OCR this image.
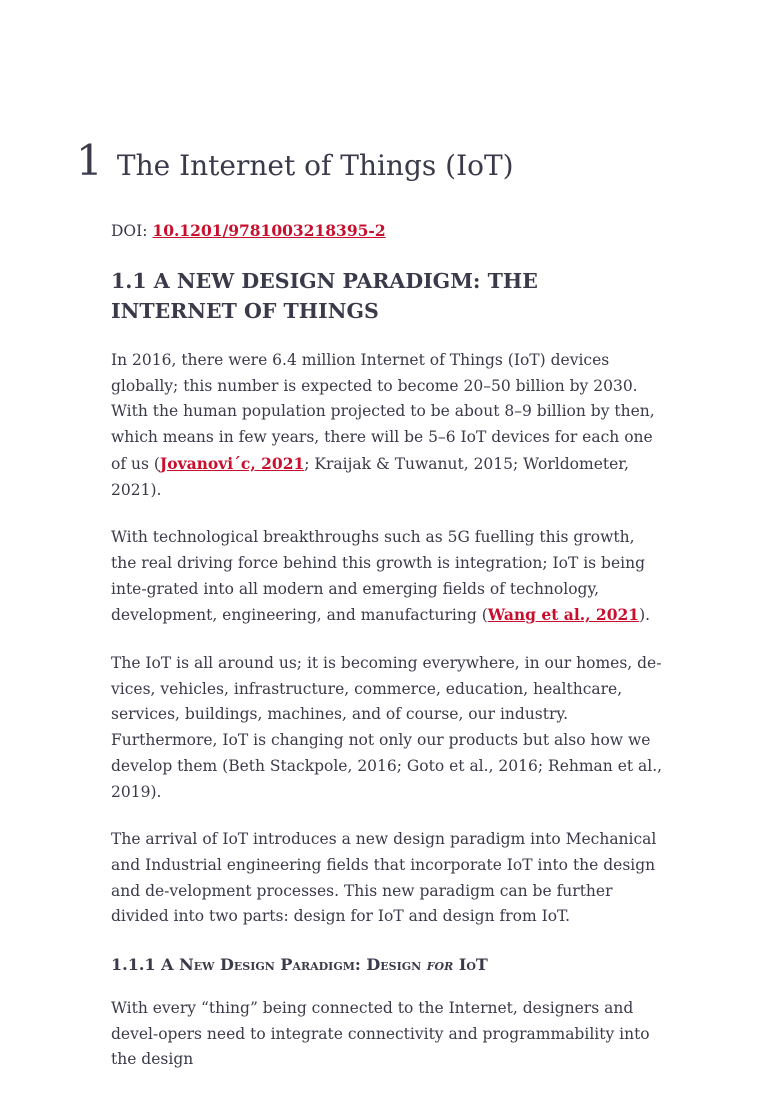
1 The Internet of Things (IoT)
DOI: 10.1201/9781003218395-2
1.1 A NEW DESIGN PARADIGM: THE INTERNET OF THINGS

In 2016, there were 6.4 million Internet of Things (IoT) devices globally; this number is expected to become 20–50 billion by 2030. With the human population projected to be about 8–9 billion by then, which means in few years, there will be 5–6 IoT devices for each one of us (Jovanovi´c, 2021; Kraijak & Tuwanut, 2015; Worldometer, 2021).

With technological breakthroughs such as 5G fuelling this growth, the real driving force behind this growth is integration; IoT is being inte-grated into all modern and emerging fields of technology, development, engineering, and manufacturing (Wang et al., 2021).

The IoT is all around us; it is becoming everywhere, in our homes, de-vices, vehicles, infrastructure, commerce, education, healthcare, services, buildings, machines, and of course, our industry. Furthermore, IoT is changing not only our products but also how we develop them (Beth Stackpole, 2016; Goto et al., 2016; Rehman et al., 2019).

The arrival of IoT introduces a new design paradigm into Mechanical and Industrial engineering fields that incorporate IoT into the design and de-velopment processes. This new paradigm can be further divided into two parts: design for IoT and design from IoT.

1.1.1 A New Design Paradigm: Design for IoT

With every “thing” being connected to the Internet, designers and devel-opers need to integrate connectivity and programmability into the design
